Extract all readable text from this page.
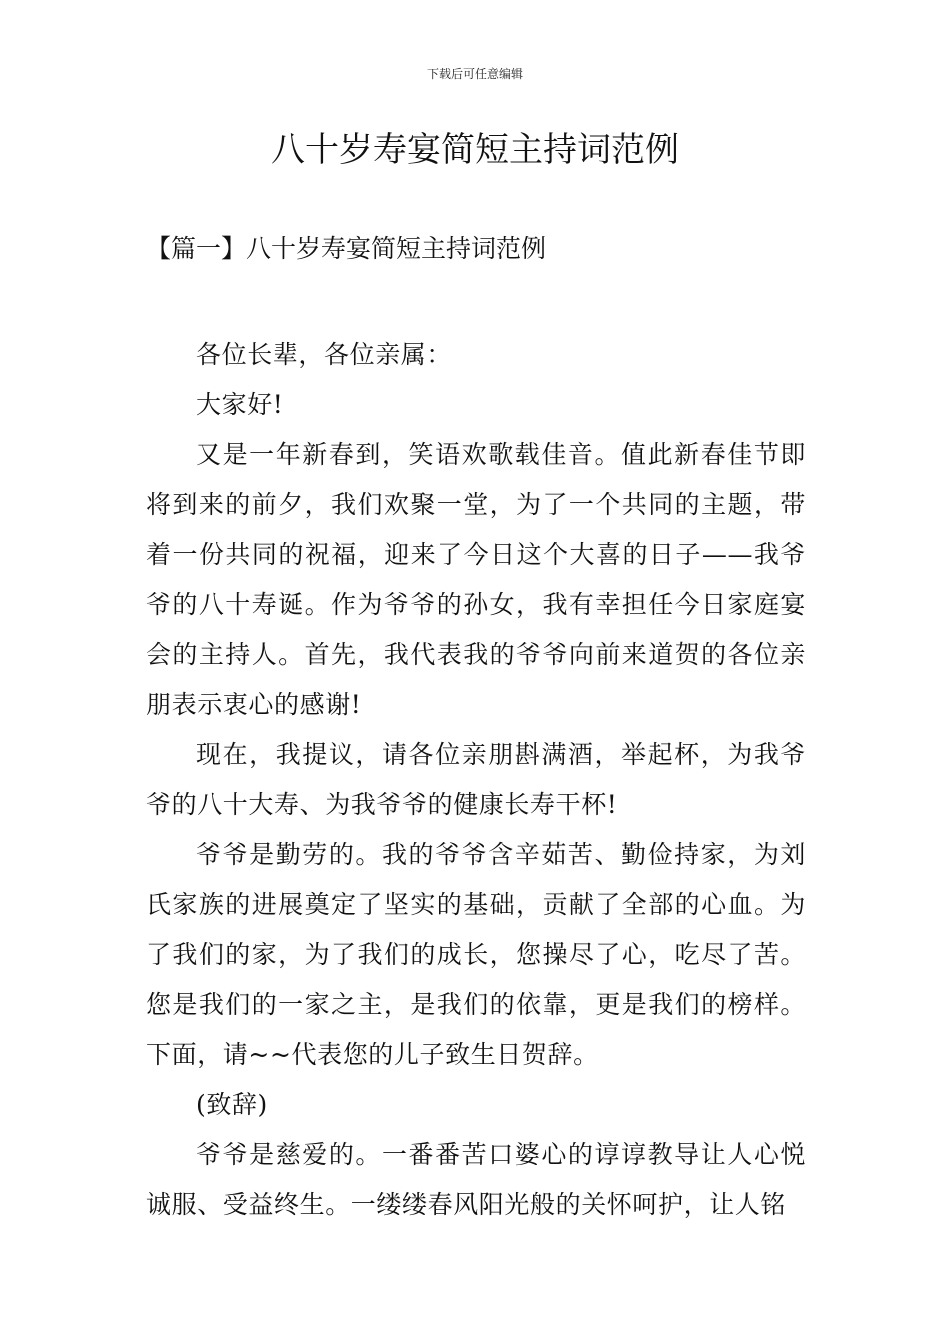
下载后可任意编辑
八十岁寿宴简短主持词范例
【篇一】八十岁寿宴简短主持词范例

各位长辈，各位亲属：

大家好!

又是一年新春到，笑语欢歌载佳音。值此新春佳节即将到来的前夕，我们欢聚一堂，为了一个共同的主题，带着一份共同的祝福，迎来了今日这个大喜的日子——我爷爷的八十寿诞。作为爷爷的孙女，我有幸担任今日家庭宴会的主持人。首先，我代表我的爷爷向前来道贺的各位亲朋表示衷心的感谢!

现在，我提议，请各位亲朋斟满酒，举起杯，为我爷爷的八十大寿、为我爷爷的健康长寿干杯!

爷爷是勤劳的。我的爷爷含辛茹苦、勤俭持家，为刘氏家族的进展奠定了坚实的基础，贡献了全部的心血。为了我们的家，为了我们的成长，您操尽了心，吃尽了苦。您是我们的一家之主，是我们的依靠，更是我们的榜样。下面，请~~代表您的儿子致生日贺辞。

(致辞)

爷爷是慈爱的。一番番苦口婆心的谆谆教导让人心悦诚服、受益终生。一缕缕春风阳光般的关怀呵护，让人铭
